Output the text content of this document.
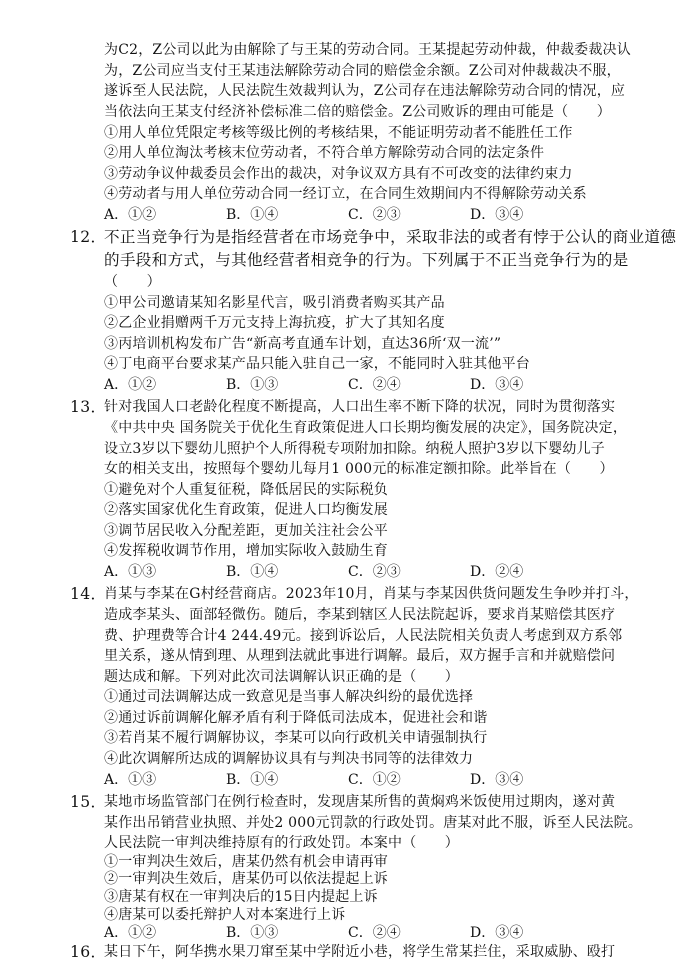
为C2，Z公司以此为由解除了与王某的劳动合同。王某提起劳动仲裁，仲裁委裁决认
为，Z公司应当支付王某违法解除劳动合同的赔偿金余额。Z公司对仲裁裁决不服，
遂诉至人民法院，人民法院生效裁判认为，Z公司存在违法解除劳动合同的情况，应
当依法向王某支付经济补偿标准二倍的赔偿金。Z公司败诉的理由可能是（　　）
①用人单位凭限定考核等级比例的考核结果，不能证明劳动者不能胜任工作
②用人单位淘汰考核末位劳动者，不符合单方解除劳动合同的法定条件
③劳动争议仲裁委员会作出的裁决，对争议双方具有不可改变的法律约束力
④劳动者与用人单位劳动合同一经订立，在合同生效期间内不得解除劳动关系
A．①②	B．①④	C．②③	D．③④
12．
不正当竞争行为是指经营者在市场竞争中，采取非法的或者有悖于公认的商业道德
的手段和方式，与其他经营者相竞争的行为。下列属于不正当竞争行为的是
（　　）
①甲公司邀请某知名影星代言，吸引消费者购买其产品
②乙企业捐赠两千万元支持上海抗疫，扩大了其知名度
③丙培训机构发布广告“新高考直通车计划，直达36所‘双一流’”
④丁电商平台要求某产品只能入驻自己一家，不能同时入驻其他平台
A．①②	B．①③	C．②④	D．③④
13．
针对我国人口老龄化程度不断提高，人口出生率不断下降的状况，同时为贯彻落实
《中共中央 国务院关于优化生育政策促进人口长期均衡发展的决定》，国务院决定，
设立3岁以下婴幼儿照护个人所得税专项附加扣除。纳税人照护3岁以下婴幼儿子
女的相关支出，按照每个婴幼儿每月1 000元的标准定额扣除。此举旨在（　　）
①避免对个人重复征税，降低居民的实际税负
②落实国家优化生育政策，促进人口均衡发展
③调节居民收入分配差距，更加关注社会公平
④发挥税收调节作用，增加实际收入鼓励生育
A．①③	B．①④	C．②③	D．②④
14．
肖某与李某在G村经营商店。2023年10月，肖某与李某因供货问题发生争吵并打斗，
造成李某头、面部轻微伤。随后，李某到辖区人民法院起诉，要求肖某赔偿其医疗
费、护理费等合计4 244.49元。接到诉讼后，人民法院相关负责人考虑到双方系邻
里关系，遂从情到理、从理到法就此事进行调解。最后，双方握手言和并就赔偿问
题达成和解。下列对此次司法调解认识正确的是（　　）
①通过司法调解达成一致意见是当事人解决纠纷的最优选择
②通过诉前调解化解矛盾有利于降低司法成本，促进社会和谐
③若肖某不履行调解协议，李某可以向行政机关申请强制执行
④此次调解所达成的调解协议具有与判决书同等的法律效力
A．①③	B．①④	C．①②	D．③④
15．
某地市场监管部门在例行检查时，发现唐某所售的黄焖鸡米饭使用过期肉，遂对黄
某作出吊销营业执照、并处2 000元罚款的行政处罚。唐某对此不服，诉至人民法院。
人民法院一审判决维持原有的行政处罚。本案中（　　）
①一审判决生效后，唐某仍然有机会申请再审
②一审判决生效后，唐某仍可以依法提起上诉
③唐某有权在一审判决后的15日内提起上诉
④唐某可以委托辩护人对本案进行上诉
A．①②	B．①③	C．②④	D．③④
16．
某日下午，阿华携水果刀窜至某中学附近小巷，将学生常某拦住，采取威胁、殴打
